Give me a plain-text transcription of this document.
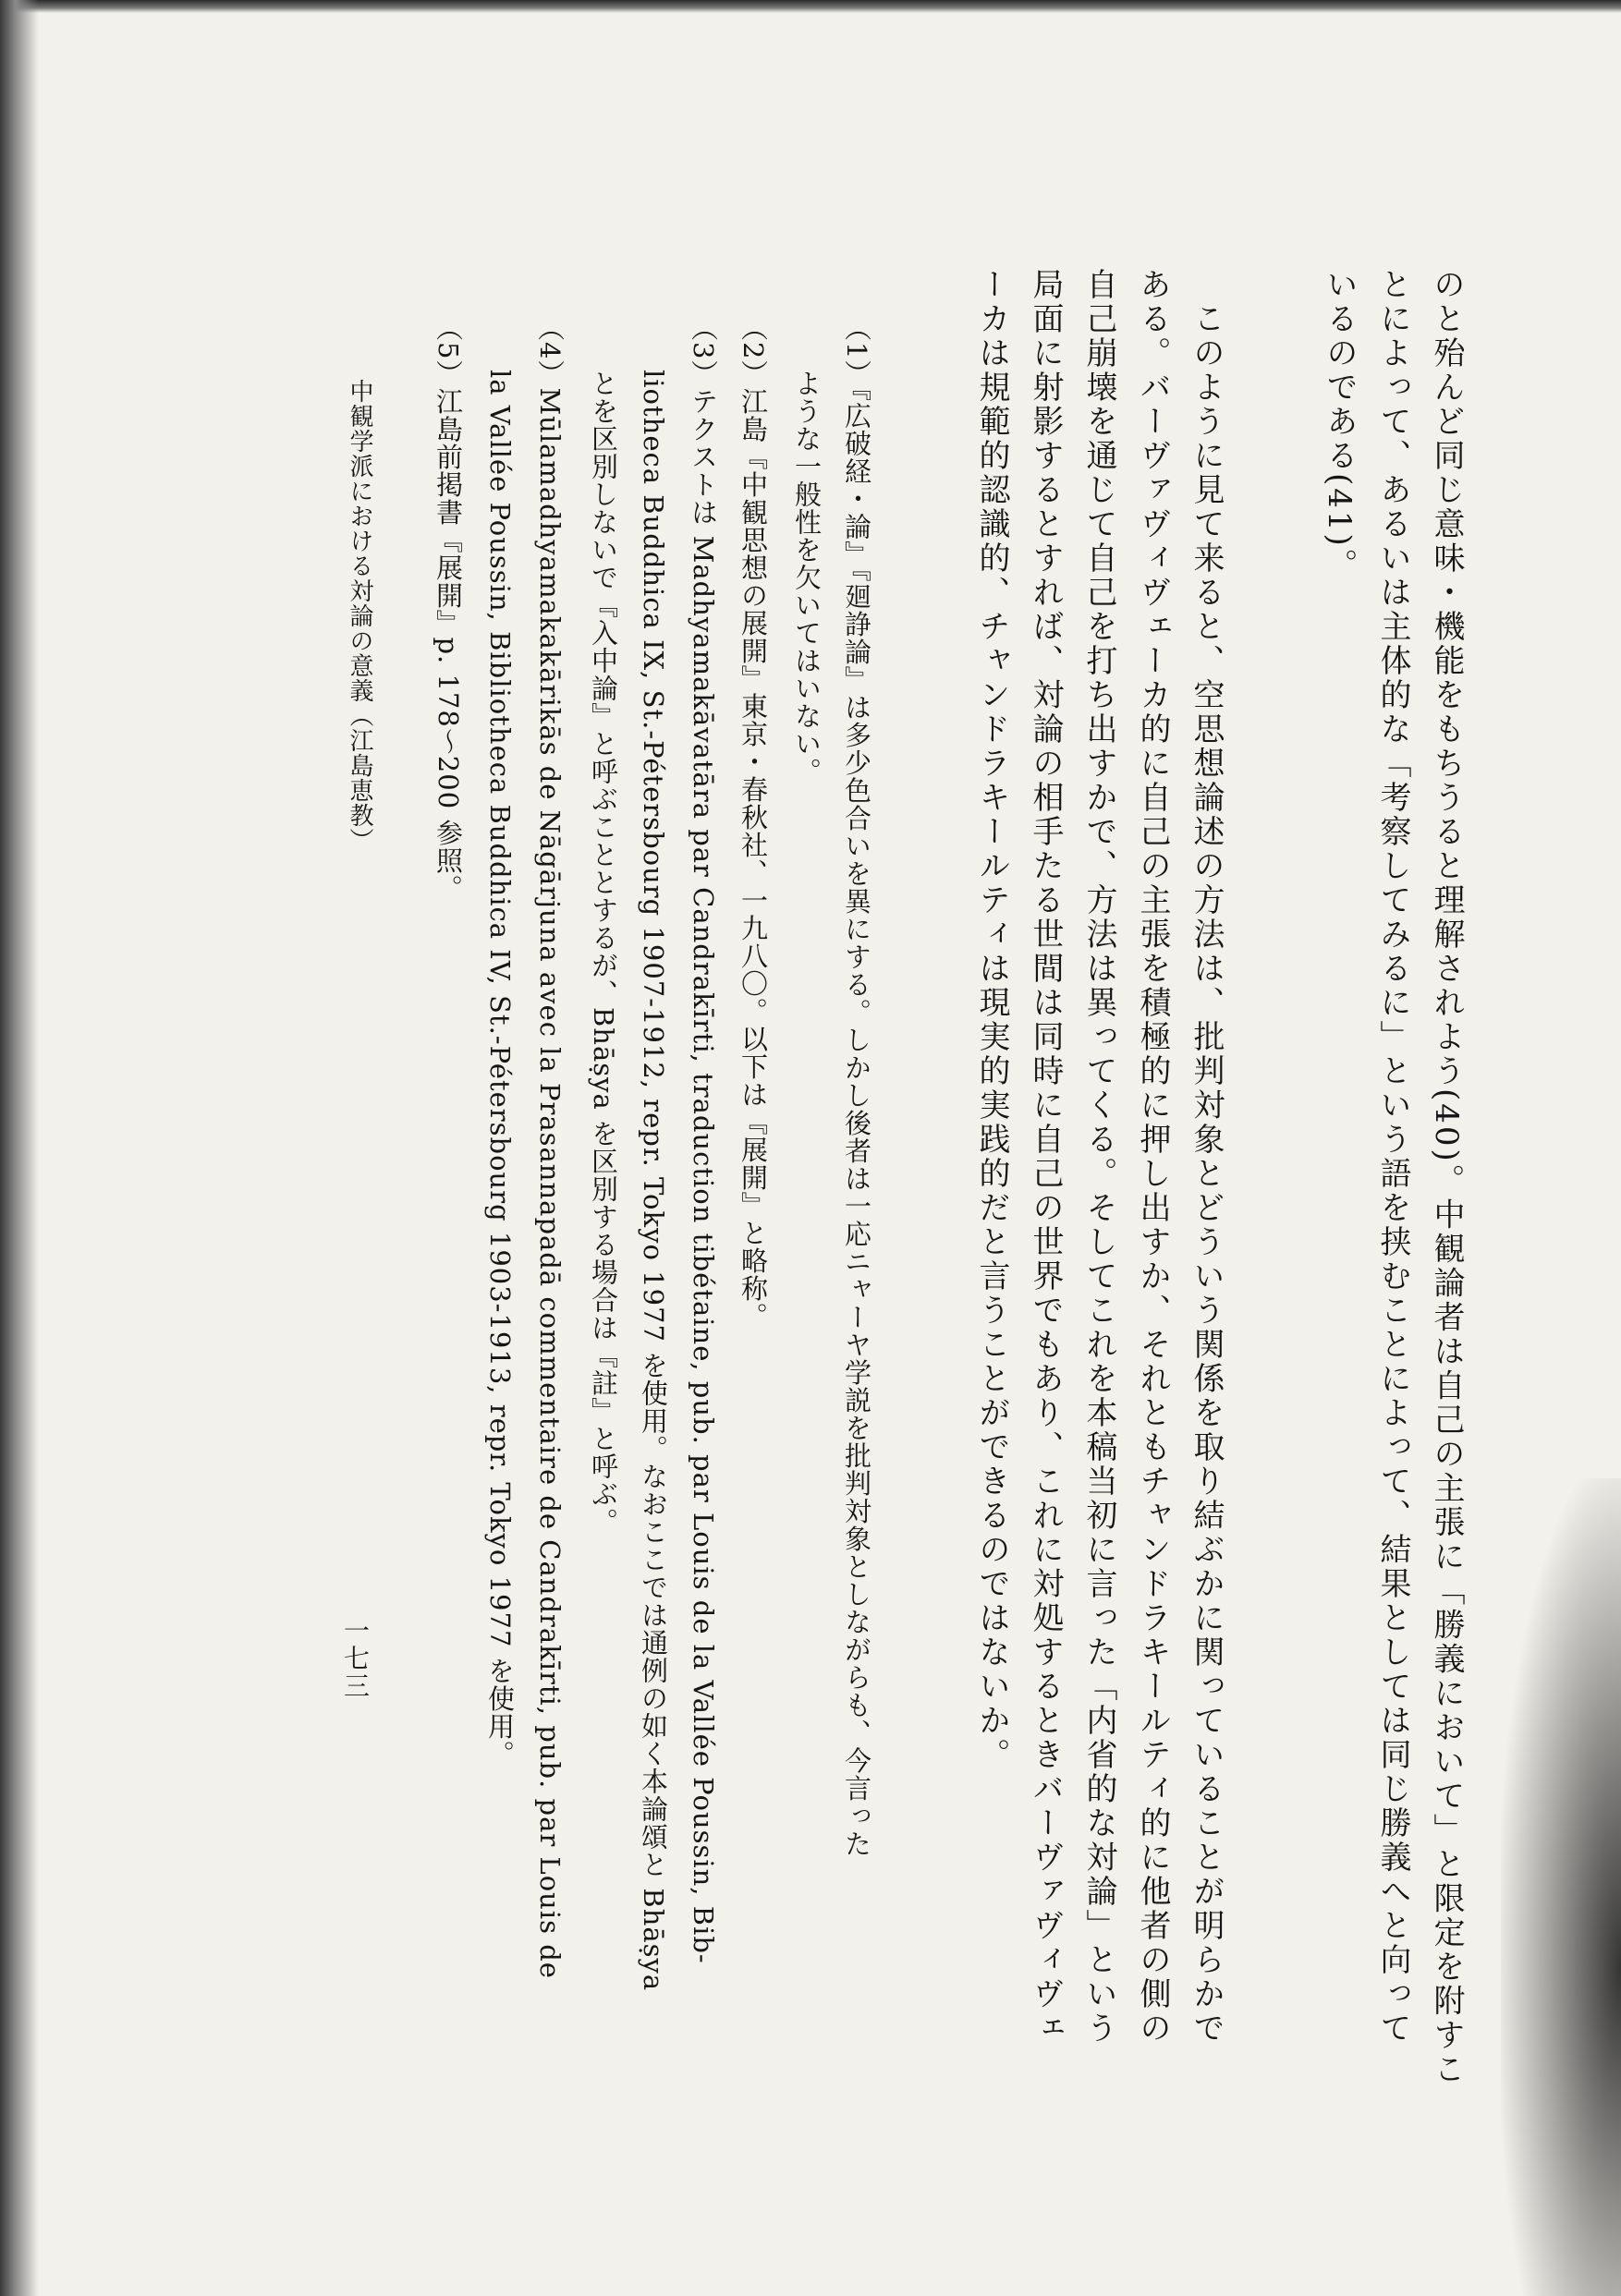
のと殆んど同じ意味・機能をもちうると理解されよう(40)。中観論者は自己の主張に「勝義において」と限定を附すこ
とによって、あるいは主体的な「考察してみるに」という語を挟むことによって、結果としては同じ勝義へと向って
いるのである(41)。
　このように見て来ると、空思想論述の方法は、批判対象とどういう関係を取り結ぶかに関っていることが明らかで
ある。バーヴァヴィヴェーカ的に自己の主張を積極的に押し出すか、それともチャンドラキールティ的に他者の側の
自己崩壊を通じて自己を打ち出すかで、方法は異ってくる。そしてこれを本稿当初に言った「内省的な対論」という
局面に射影するとすれば、対論の相手たる世間は同時に自己の世界でもあり、これに対処するときバーヴァヴィヴェ
ーカは規範的認識的、チャンドラキールティは現実的実践的だと言うことができるのではないか。
（1）『広破経・論』『廻諍論』は多少色合いを異にする。しかし後者は一応ニャーヤ学説を批判対象としながらも、今言った
　　ような一般性を欠いてはいない。
（2）江島『中観思想の展開』東京・春秋社、一九八〇。以下は『展開』と略称。
（3）テクストは Madhyamakāvatāra par Candrakīrti, traduction tibétaine, pub. par Louis de la Vallée Poussin, Bib-
　　liotheca Buddhica IX, St.-Pétersbourg 1907-1912, repr. Tokyo 1977 を使用。なおここでは通例の如く本論頌と Bhāṣya
　　とを区別しないで『入中論』と呼ぶこととするが、Bhāṣya を区別する場合は『註』と呼ぶ。
（4）Mūlamadhyamakakārikās de Nāgārjuna avec la Prasannapadā commentaire de Candrakīrti, pub. par Louis de
　　la Vallée Poussin, Bibliotheca Buddhica IV, St.-Pétersbourg 1903-1913, repr. Tokyo 1977 を使用。
（5）江島前掲書『展開』p. 178〜200 参照。
中観学派における対論の意義（江島恵教）
一七三
